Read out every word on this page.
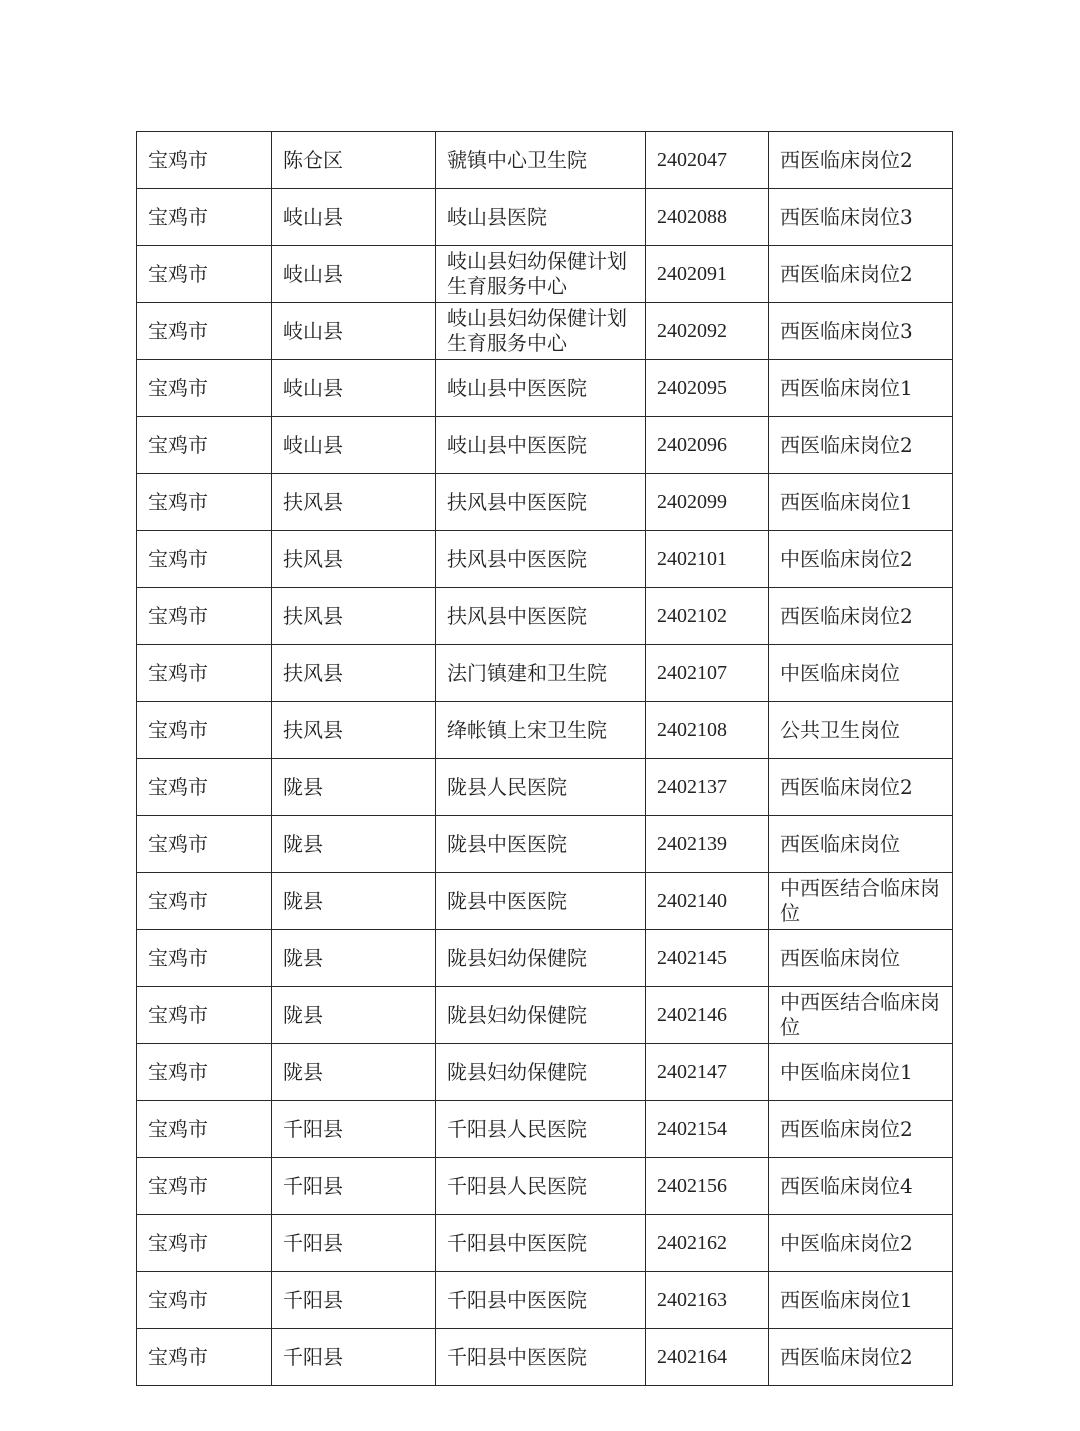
宝鸡市	陈仓区	虢镇中心卫生院	2402047	西医临床岗位2
宝鸡市	岐山县	岐山县医院	2402088	西医临床岗位3
宝鸡市	岐山县	岐山县妇幼保健计划生育服务中心	2402091	西医临床岗位2
宝鸡市	岐山县	岐山县妇幼保健计划生育服务中心	2402092	西医临床岗位3
宝鸡市	岐山县	岐山县中医医院	2402095	西医临床岗位1
宝鸡市	岐山县	岐山县中医医院	2402096	西医临床岗位2
宝鸡市	扶风县	扶风县中医医院	2402099	西医临床岗位1
宝鸡市	扶风县	扶风县中医医院	2402101	中医临床岗位2
宝鸡市	扶风县	扶风县中医医院	2402102	西医临床岗位2
宝鸡市	扶风县	法门镇建和卫生院	2402107	中医临床岗位
宝鸡市	扶风县	绛帐镇上宋卫生院	2402108	公共卫生岗位
宝鸡市	陇县	陇县人民医院	2402137	西医临床岗位2
宝鸡市	陇县	陇县中医医院	2402139	西医临床岗位
宝鸡市	陇县	陇县中医医院	2402140	中西医结合临床岗位
宝鸡市	陇县	陇县妇幼保健院	2402145	西医临床岗位
宝鸡市	陇县	陇县妇幼保健院	2402146	中西医结合临床岗位
宝鸡市	陇县	陇县妇幼保健院	2402147	中医临床岗位1
宝鸡市	千阳县	千阳县人民医院	2402154	西医临床岗位2
宝鸡市	千阳县	千阳县人民医院	2402156	西医临床岗位4
宝鸡市	千阳县	千阳县中医医院	2402162	中医临床岗位2
宝鸡市	千阳县	千阳县中医医院	2402163	西医临床岗位1
宝鸡市	千阳县	千阳县中医医院	2402164	西医临床岗位2
